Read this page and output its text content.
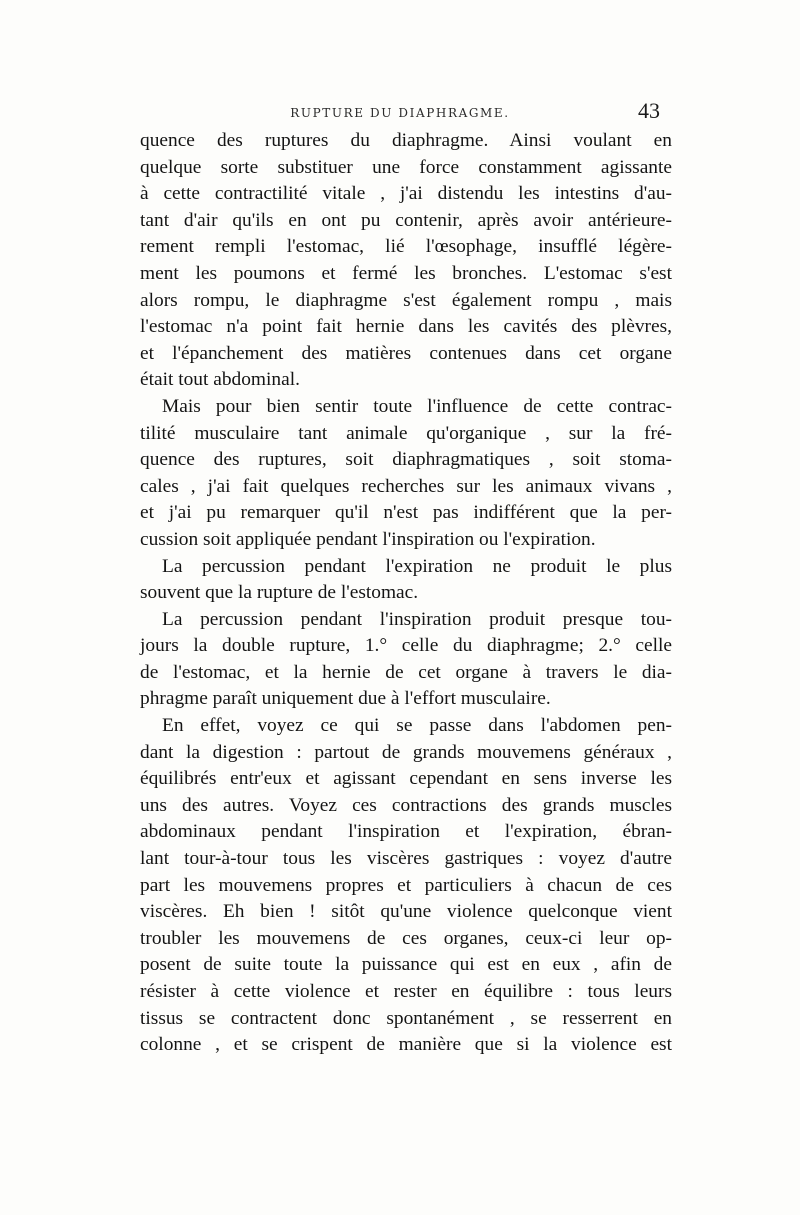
RUPTURE DU DIAPHRAGME.	43
quence des ruptures du diaphragme. Ainsi voulant en
quelque sorte substituer une force constamment agissante
à cette contractilité vitale , j'ai distendu les intestins d'au-
tant d'air qu'ils en ont pu contenir, après avoir antérieure-
rement rempli l'estomac, lié l'œsophage, insufflé légère-
ment les poumons et fermé les bronches. L'estomac s'est
alors rompu, le diaphragme s'est également rompu , mais
l'estomac n'a point fait hernie dans les cavités des plèvres,
et l'épanchement des matières contenues dans cet organe
était tout abdominal.
Mais pour bien sentir toute l'influence de cette contrac-
tilité musculaire tant animale qu'organique , sur la fré-
quence des ruptures, soit diaphragmatiques , soit stoma-
cales , j'ai fait quelques recherches sur les animaux vivans ,
et j'ai pu remarquer qu'il n'est pas indifférent que la per-
cussion soit appliquée pendant l'inspiration ou l'expiration.
La percussion pendant l'expiration ne produit le plus
souvent que la rupture de l'estomac.
La percussion pendant l'inspiration produit presque tou-
jours la double rupture, 1.° celle du diaphragme; 2.° celle
de l'estomac, et la hernie de cet organe à travers le dia-
phragme paraît uniquement due à l'effort musculaire.
En effet, voyez ce qui se passe dans l'abdomen pen-
dant la digestion : partout de grands mouvemens généraux ,
équilibrés entr'eux et agissant cependant en sens inverse les
uns des autres. Voyez ces contractions des grands muscles
abdominaux pendant l'inspiration et l'expiration, ébran-
lant tour-à-tour tous les viscères gastriques : voyez d'autre
part les mouvemens propres et particuliers à chacun de ces
viscères. Eh bien ! sitôt qu'une violence quelconque vient
troubler les mouvemens de ces organes, ceux-ci leur op-
posent de suite toute la puissance qui est en eux , afin de
résister à cette violence et rester en équilibre : tous leurs
tissus se contractent donc spontanément , se resserrent en
colonne , et se crispent de manière que si la violence est
